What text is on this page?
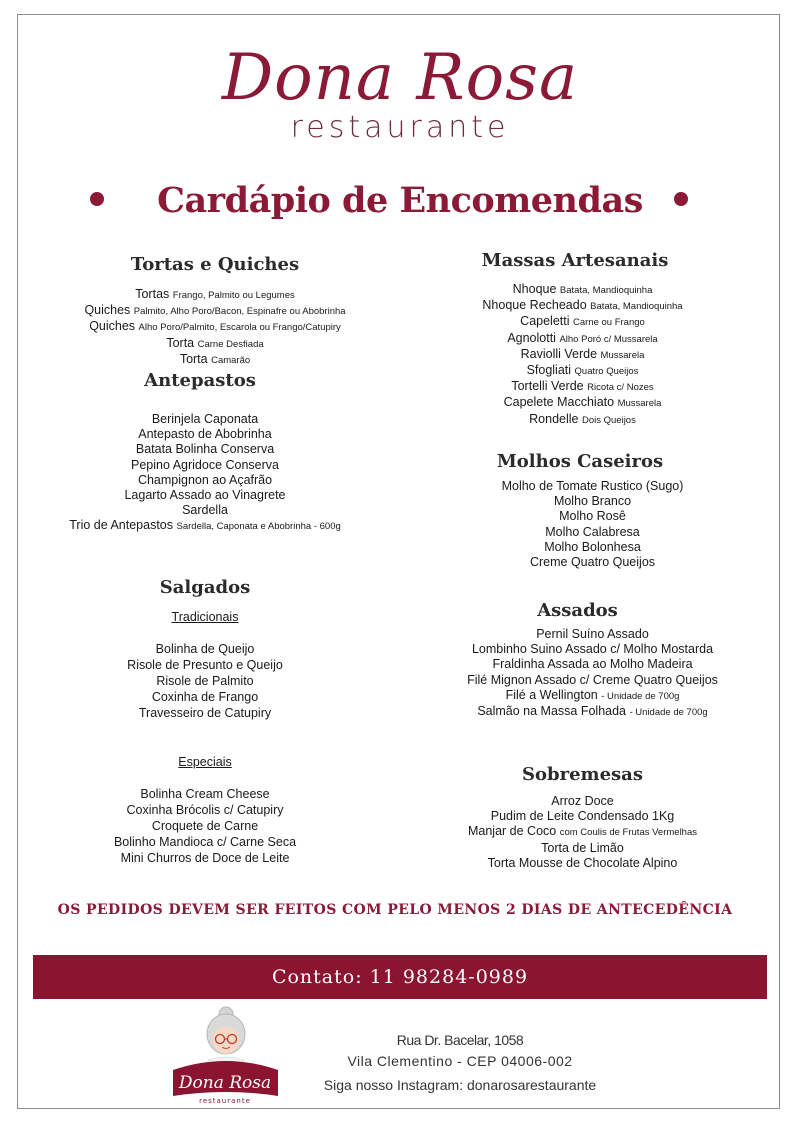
Dona Rosa
restaurante
Cardápio de Encomendas
Tortas e Quiches
Tortas Frango, Palmito ou Legumes
Quiches Palmito, Alho Poro/Bacon, Espinafre ou Abobrinha
Quiches Alho Poro/Palmito, Escarola ou Frango/Catupiry
Torta Carne Desfiada
Torta Camarão
Antepastos
Berinjela Caponata
Antepasto de Abobrinha
Batata Bolinha Conserva
Pepino Agridoce Conserva
Champignon ao Açafrão
Lagarto Assado ao Vinagrete
Sardella
Trio de Antepastos Sardella, Caponata e Abobrinha - 600g
Salgados
Tradicionais
Bolinha de Queijo
Risole de Presunto e Queijo
Risole de Palmito
Coxinha de Frango
Travesseiro de Catupiry
Especiais
Bolinha Cream Cheese
Coxinha Brócolis c/ Catupiry
Croquete de Carne
Bolinho Mandioca c/ Carne Seca
Mini Churros de Doce de Leite
Massas Artesanais
Nhoque Batata, Mandioquinha
Nhoque Recheado Batata, Mandioquinha
Capeletti Carne ou Frango
Agnolotti Alho Poró c/ Mussarela
Raviolli Verde Mussarela
Sfogliati Quatro Queijos
Tortelli Verde Ricota c/ Nozes
Capelete Macchiato Mussarela
Rondelle Dois Queijos
Molhos Caseiros
Molho de Tomate Rustico (Sugo)
Molho Branco
Molho Rosê
Molho Calabresa
Molho Bolonhesa
Creme Quatro Queijos
Assados
Pernil Suíno Assado
Lombinho Suino Assado c/ Molho Mostarda
Fraldinha Assada ao Molho Madeira
Filé Mignon Assado c/ Creme Quatro Queijos
Filé a Wellington - Unidade de 700g
Salmão na Massa Folhada - Unidade de 700g
Sobremesas
Arroz Doce
Pudim de Leite Condensado 1Kg
Manjar de Coco com Coulis de Frutas Vermelhas
Torta de Limão
Torta Mousse de Chocolate Alpino
OS PEDIDOS DEVEM SER FEITOS COM PELO MENOS 2 DIAS DE ANTECEDÊNCIA
Contato: 11 98284-0989
Dona Rosa
restaurante
Rua Dr. Bacelar, 1058
Vila Clementino - CEP 04006-002
Siga nosso Instagram: donarosarestaurante
